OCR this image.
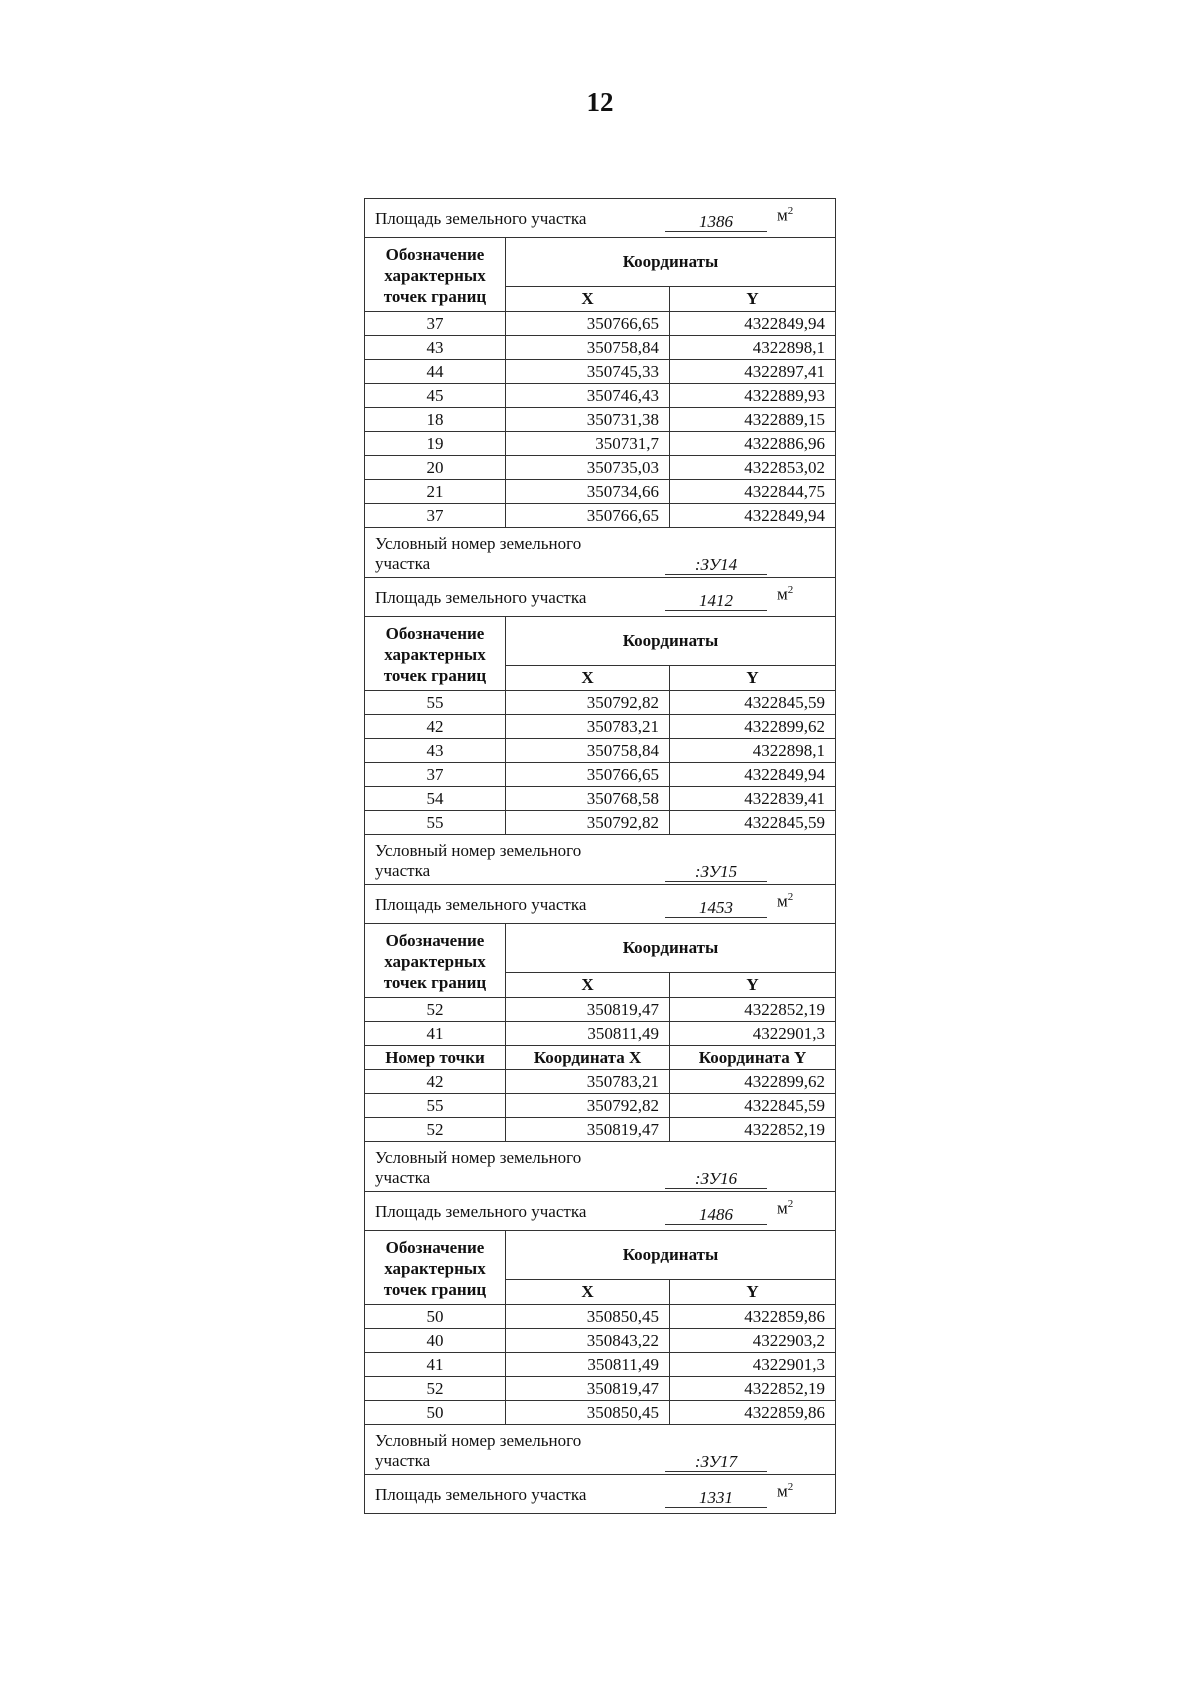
12
Площадь земельного участка 1386 $м^2$

Обозначение
характерных
точек границ	Координаты	
	X	Y
37	350766,65	4322849,94
43	350758,84	4322898,1
44	350745,33	4322897,41
45	350746,43	4322889,93
18	350731,38	4322889,15
19	350731,7	4322886,96
20	350735,03	4322853,02
21	350734,66	4322844,75
37	350766,65	4322849,94

Условный номер земельного
участка :ЗУ14		

Площадь земельного участка 1412 $м^2$

Обозначение
характерных
точек границ	Координаты	
	X	Y
55	350792,82	4322845,59
42	350783,21	4322899,62
43	350758,84	4322898,1
37	350766,65	4322849,94
54	350768,58	4322839,41
55	350792,82	4322845,59

Условный номер земельного
участка :ЗУ15		

Площадь земельного участка 1453 $м^2$

Обозначение
характерных
точек границ	Координаты	
	X	Y
52	350819,47	4322852,19
41	350811,49	4322901,3
Номер точки	Координата X	Координата Y
42	350783,21	4322899,62
55	350792,82	4322845,59
52	350819,47	4322852,19

Условный номер земельного
участка :ЗУ16		

Площадь земельного участка 1486 $м^2$

Обозначение
характерных
точек границ	Координаты	
	X	Y
50	350850,45	4322859,86
40	350843,22	4322903,2
41	350811,49	4322901,3
52	350819,47	4322852,19
50	350850,45	4322859,86

Условный номер земельного
участка :ЗУ17		

Площадь земельного участка 1331 $м^2$
